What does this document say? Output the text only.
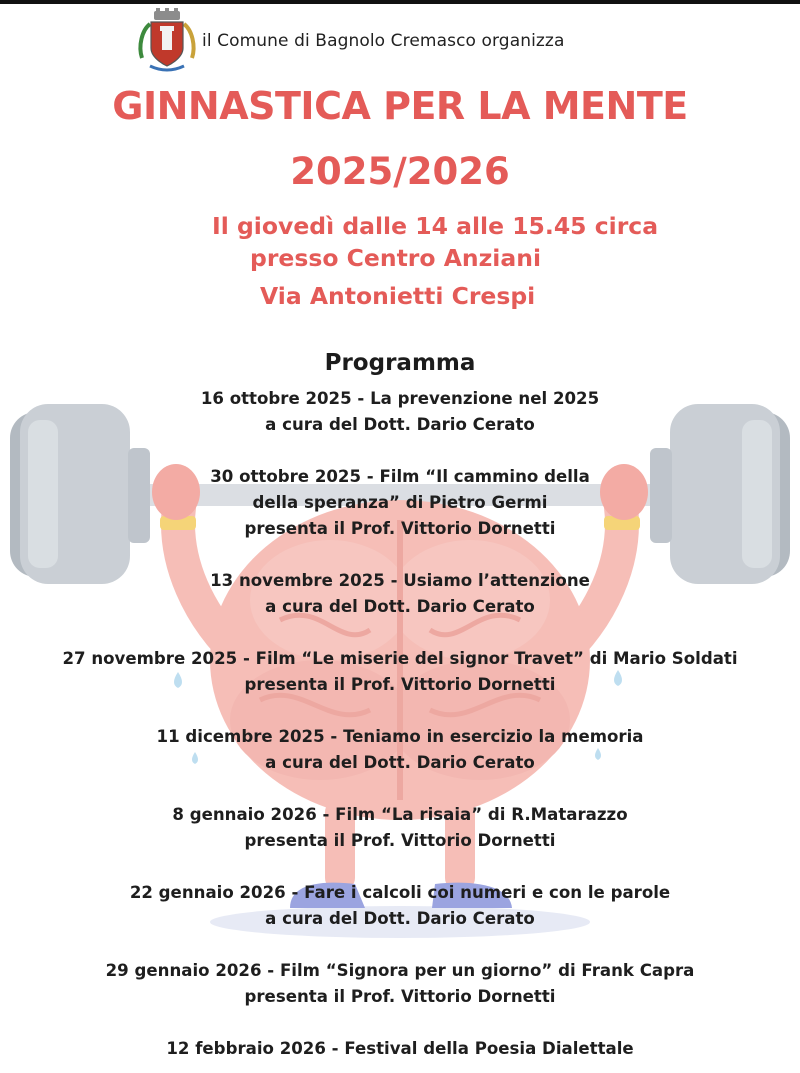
il Comune di Bagnolo Cremasco organizza
GINNASTICA PER LA MENTE
2025/2026
Il giovedì dalle 14 alle 15.45 circa
presso Centro Anziani
Via Antonietti Crespi
Programma
16 ottobre 2025 - La prevenzione nel 2025
a cura del Dott. Dario Cerato
30 ottobre 2025 - Film “Il cammino della
della speranza” di Pietro Germi
presenta il Prof. Vittorio Dornetti
13 novembre 2025 - Usiamo l’attenzione
a cura del Dott. Dario Cerato
27 novembre 2025 - Film “Le miserie del signor Travet” di Mario Soldati
presenta il Prof. Vittorio Dornetti
11 dicembre 2025 - Teniamo in esercizio la memoria
a cura del Dott. Dario Cerato
8 gennaio 2026 - Film “La risaia” di R.Matarazzo
presenta il Prof. Vittorio Dornetti
22 gennaio 2026 - Fare i calcoli coi numeri e con le parole
a cura del Dott. Dario Cerato
29 gennaio 2026 - Film “Signora per un giorno” di Frank Capra
presenta il Prof. Vittorio Dornetti
12 febbraio 2026 - Festival della Poesia Dialettale
